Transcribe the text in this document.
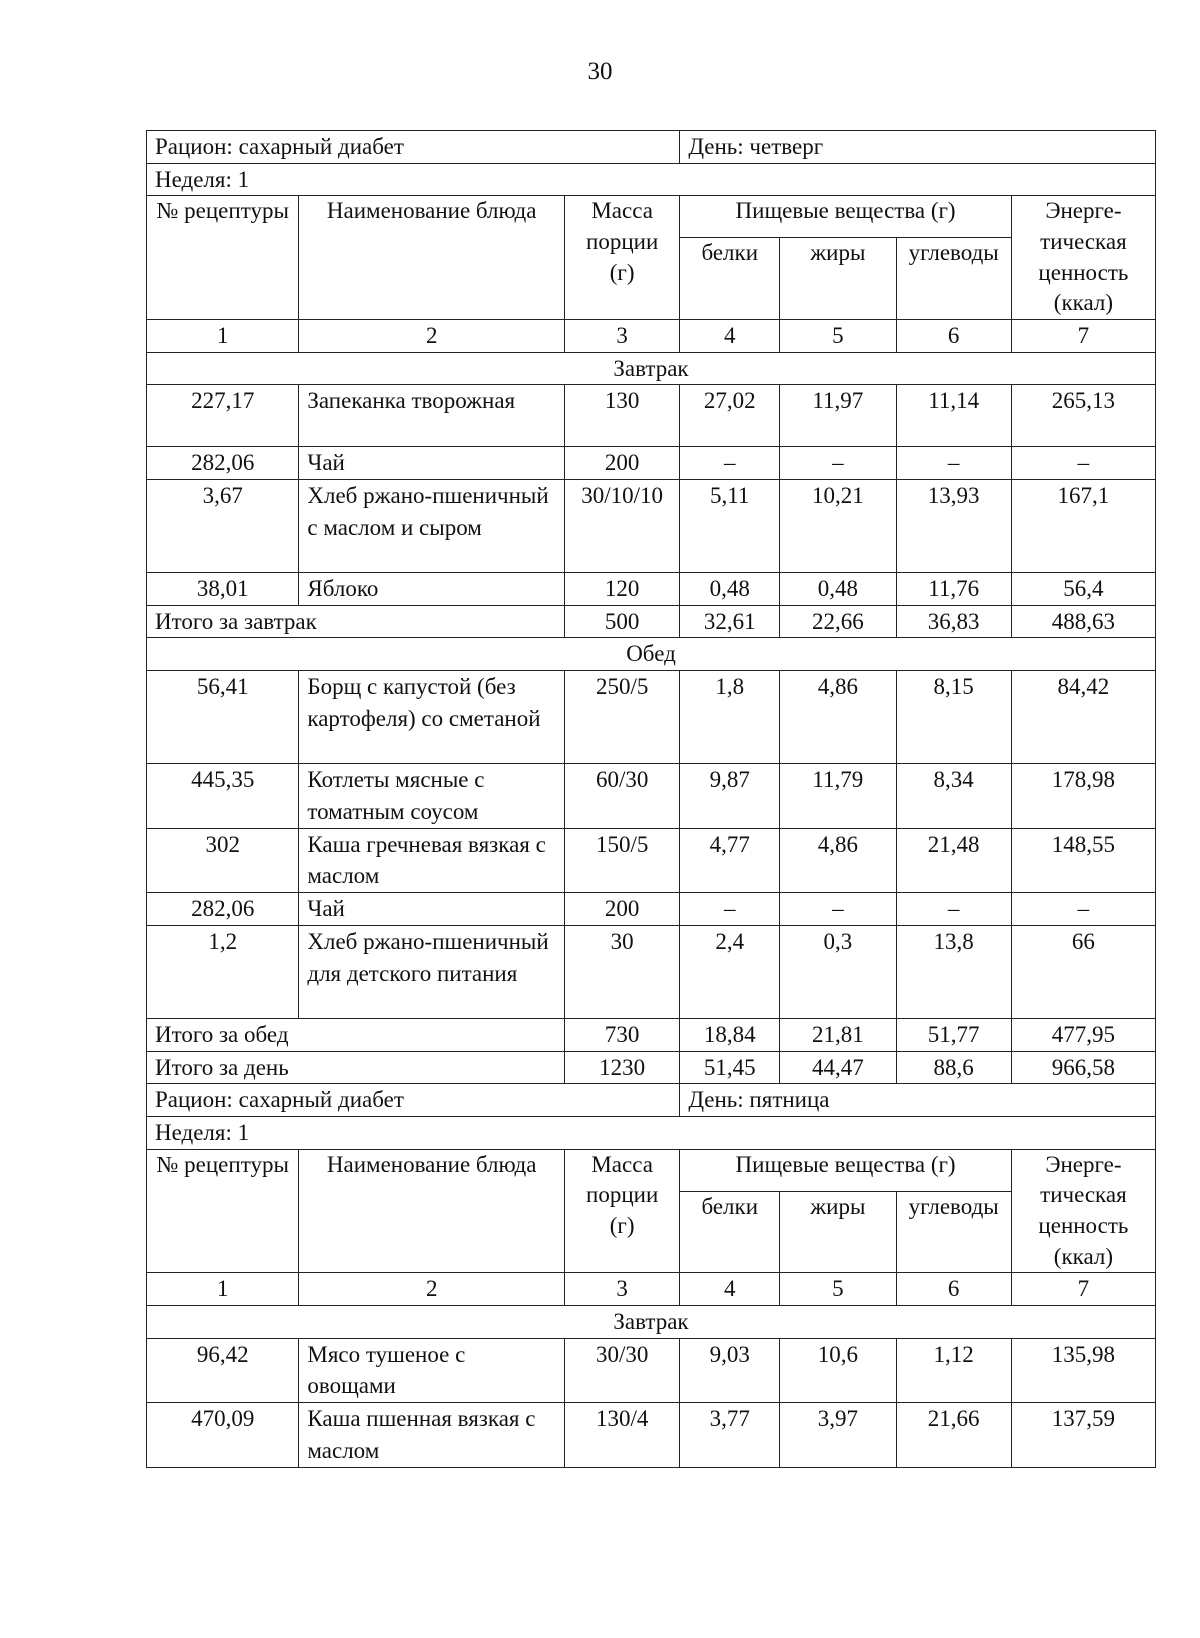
30
Рацион: сахарный диабет			День: четверг			
Неделя: 1						
№ рецептуры	Наименование блюда	Масса порции (г)	Пищевые вещества (г)			Энерге-тическая ценность (ккал)
			белки	жиры	углеводы	
1	2	3	4	5	6	7
Завтрак						
227,17	Запеканка творожная	130	27,02	11,97	11,14	265,13
282,06	Чай	200	–	–	–	–
3,67	Хлеб ржано-пшеничный с маслом и сыром	30/10/10	5,11	10,21	13,93	167,1
38,01	Яблоко	120	0,48	0,48	11,76	56,4
Итого за завтрак		500	32,61	22,66	36,83	488,63
Обед						
56,41	Борщ с капустой (без картофеля) со сметаной	250/5	1,8	4,86	8,15	84,42
445,35	Котлеты мясные с томатным соусом	60/30	9,87	11,79	8,34	178,98
302	Каша гречневая вязкая с маслом	150/5	4,77	4,86	21,48	148,55
282,06	Чай	200	–	–	–	–
1,2	Хлеб ржано-пшеничный для детского питания	30	2,4	0,3	13,8	66
Итого за обед		730	18,84	21,81	51,77	477,95
Итого за день		1230	51,45	44,47	88,6	966,58
Рацион: сахарный диабет			День: пятница			
Неделя: 1						
№ рецептуры	Наименование блюда	Масса порции (г)	Пищевые вещества (г)			Энерге-тическая ценность (ккал)
			белки	жиры	углеводы	
1	2	3	4	5	6	7
Завтрак						
96,42	Мясо тушеное с овощами	30/30	9,03	10,6	1,12	135,98
470,09	Каша пшенная вязкая с маслом	130/4	3,77	3,97	21,66	137,59
